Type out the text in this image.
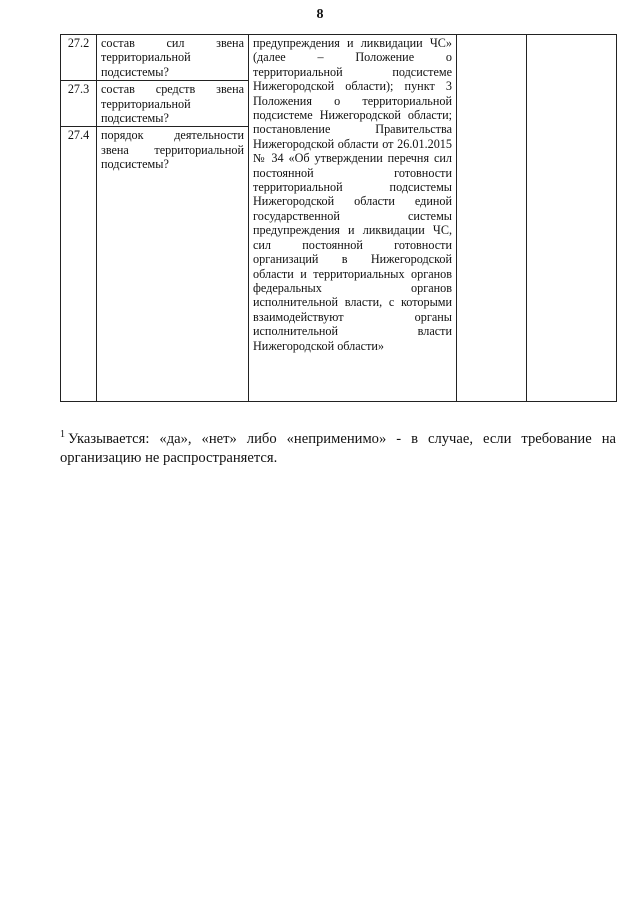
8
27.2	состав сил звена территориальной подсистемы?	предупреждения и ликвидации ЧС» (далее – Положение о территориальной подсистеме Нижегородской области); пункт 3 Положения о территориальной подсистеме Нижегородской области; постановление Правительства Нижегородской области от 26.01.2015 № 34 «Об утверждении перечня сил постоянной готовности территориальной подсистемы Нижегородской области единой государственной системы предупреждения и ликвидации ЧС, сил постоянной готовности организаций в Нижегородской области и территориальных органов федеральных органов исполнительной власти, с которыми взаимодействуют органы исполнительной власти Нижегородской области»		
27.3	состав средств звена территориальной подсистемы?			
27.4	порядок деятельности звена территориальной подсистемы?			

$^1$ Указывается: «да», «нет» либо «неприменимо» - в случае, если требование на организацию не распространяется.
